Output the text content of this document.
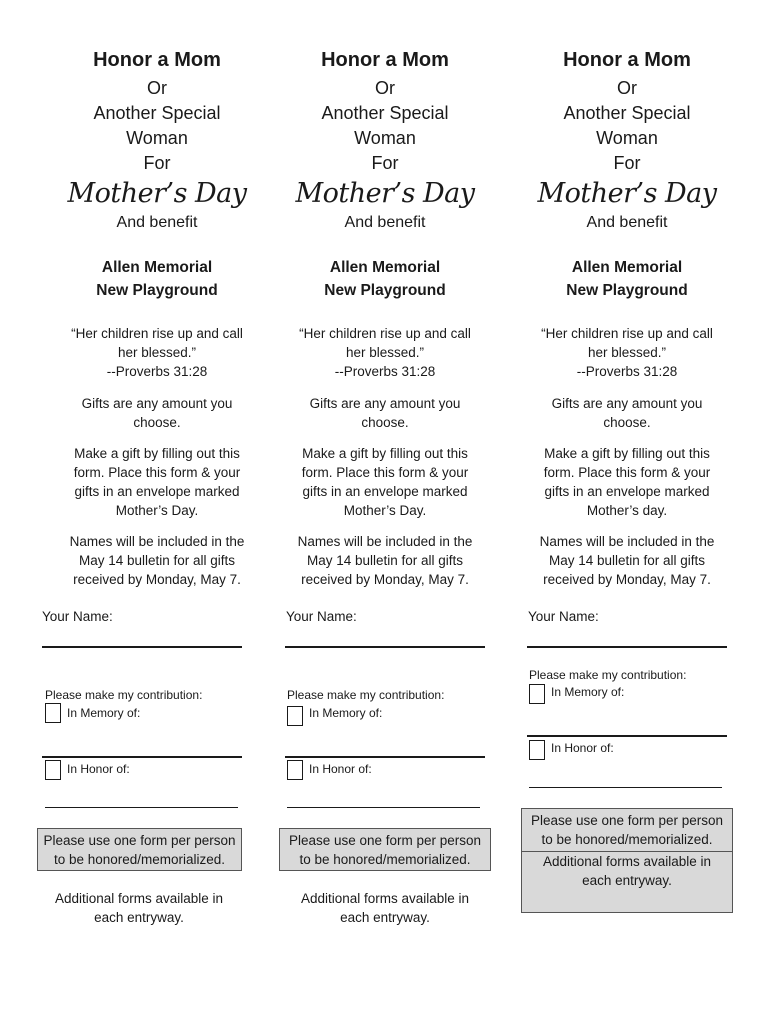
Honor a Mom
Or
Another Special
Woman
For
Mother’s Day
And benefit
Allen Memorial
New Playground
“Her children rise up and call
her blessed.”
--Proverbs 31:28
Gifts are any amount you
choose.
Make a gift by filling out this
form. Place this form & your
gifts in an envelope marked
Mother’s Day.
Names will be included in the
May 14 bulletin for all gifts
received by Monday, May 7.
Your Name:
Please make my contribution:
In Memory of:
In Honor of:
Please use one form per person
to be honored/memorialized.
Additional forms available in
each entryway.
Honor a Mom
Or
Another Special
Woman
For
Mother’s Day
And benefit
Allen Memorial
New Playground
“Her children rise up and call
her blessed.”
--Proverbs 31:28
Gifts are any amount you
choose.
Make a gift by filling out this
form. Place this form & your
gifts in an envelope marked
Mother’s Day.
Names will be included in the
May 14 bulletin for all gifts
received by Monday, May 7.
Your Name:
Please make my contribution:
In Memory of:
In Honor of:
Please use one form per person
to be honored/memorialized.
Additional forms available in
each entryway.
Honor a Mom
Or
Another Special
Woman
For
Mother’s Day
And benefit
Allen Memorial
New Playground
“Her children rise up and call
her blessed.”
--Proverbs 31:28
Gifts are any amount you
choose.
Make a gift by filling out this
form. Place this form & your
gifts in an envelope marked
Mother’s day.
Names will be included in the
May 14 bulletin for all gifts
received by Monday, May 7.
Your Name:
Please make my contribution:
In Memory of:
In Honor of:
Please use one form per person
to be honored/memorialized.
Additional forms available in
each entryway.
